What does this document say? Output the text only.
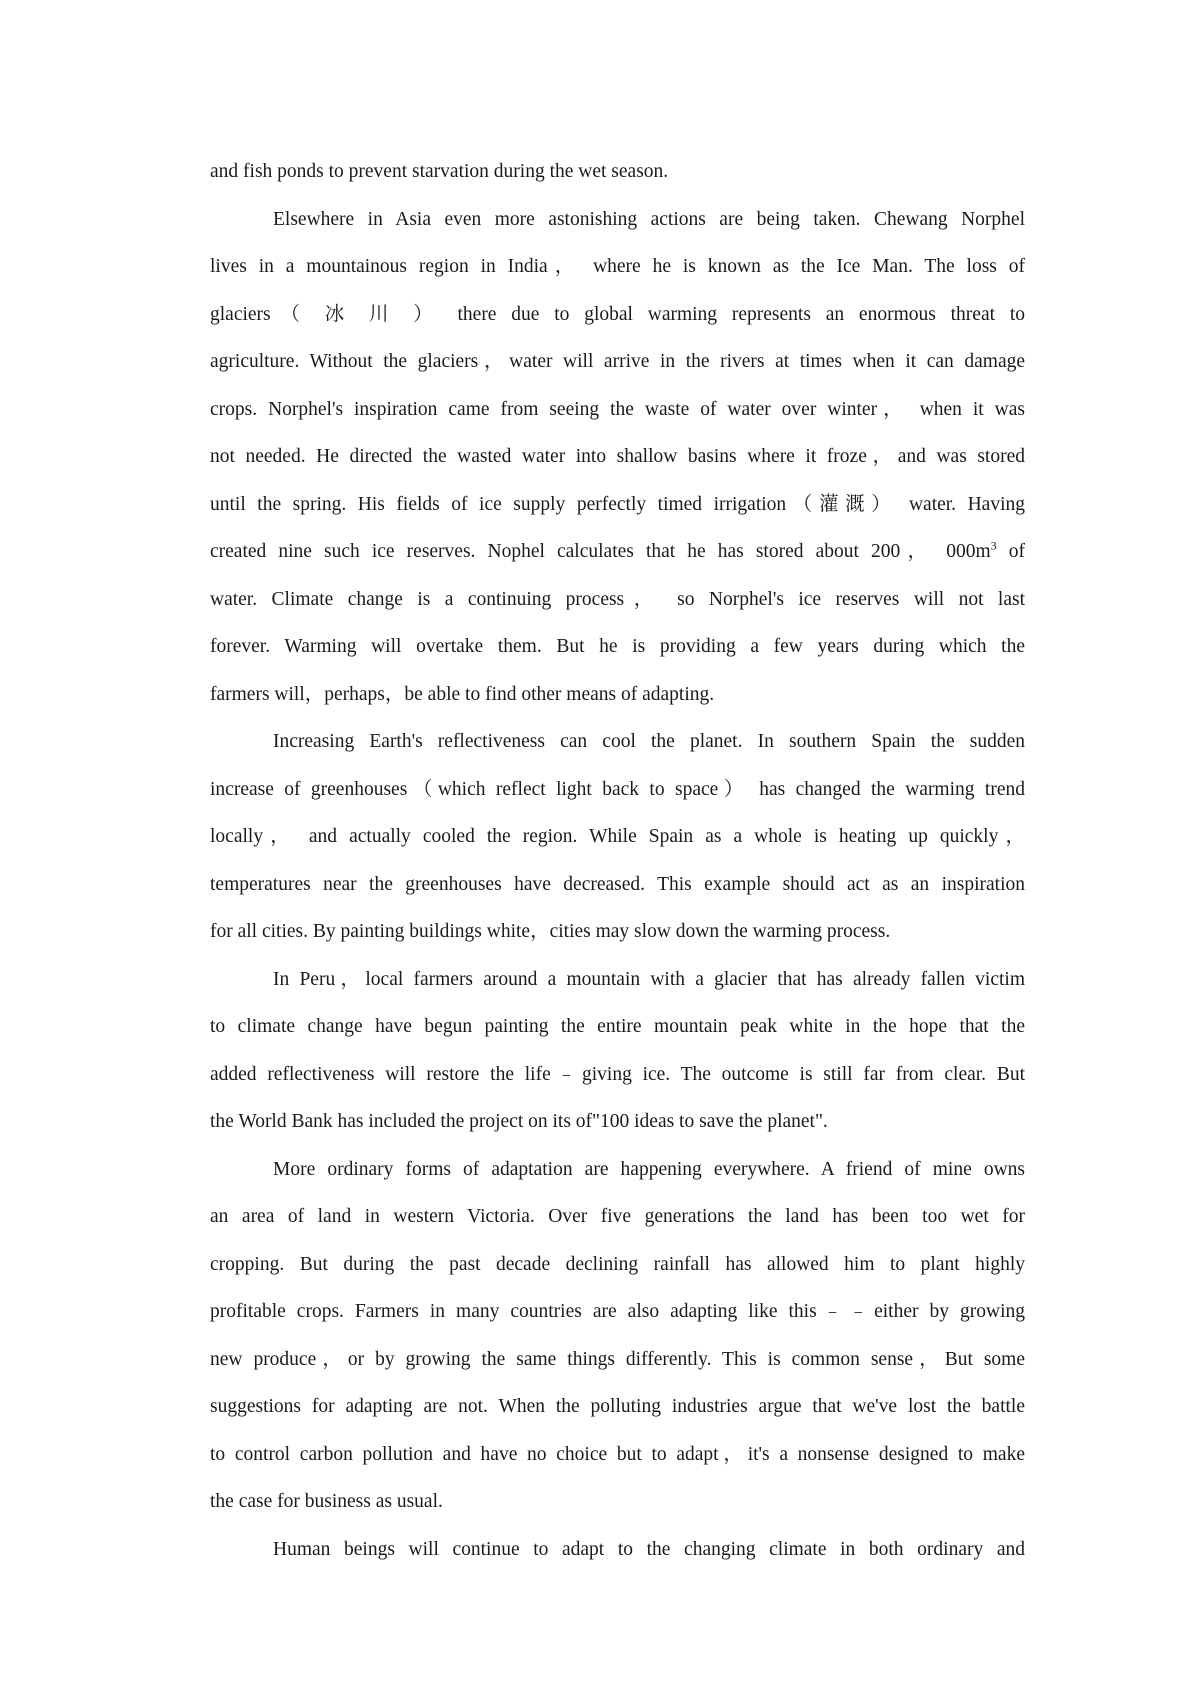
and fish ponds to prevent starvation during the wet season.
Elsewhere in Asia even more astonishing actions are being taken. Chewang Norphel
lives in a mountainous region in India， where he is known as the Ice Man. The loss of
glaciers（ 冰 川 ） there due to global warming represents an enormous threat to
agriculture. Without the glaciers，water will arrive in the rivers at times when it can damage
crops. Norphel's inspiration came from seeing the waste of water over winter， when it was
not needed. He directed the wasted water into shallow basins where it froze，and was stored
until the spring. His fields of ice supply perfectly timed irrigation（灌溉） water. Having
created nine such ice reserves. Nophel calculates that he has stored about 200， $000m^3$ of
water. Climate change is a continuing process， so Norphel's ice reserves will not last
forever. Warming will overtake them. But he is providing a few years during which the
farmers will，perhaps，be able to find other means of adapting.
Increasing Earth's reflectiveness can cool the planet. In southern Spain the sudden
increase of greenhouses（which reflect light back to space） has changed the warming trend
locally， and actually cooled the region. While Spain as a whole is heating up quickly，
temperatures near the greenhouses have decreased. This example should act as an inspiration
for all cities. By painting buildings white，cities may slow down the warming process.
In Peru，local farmers around a mountain with a glacier that has already fallen victim
to climate change have begun painting the entire mountain peak white in the hope that the
added reflectiveness will restore the life﹣giving ice. The outcome is still far from clear. But
the World Bank has included the project on its of"100 ideas to save the planet".
More ordinary forms of adaptation are happening everywhere. A friend of mine owns
an area of land in western Victoria. Over five generations the land has been too wet for
cropping. But during the past decade declining rainfall has allowed him to plant highly
profitable crops. Farmers in many countries are also adapting like this﹣﹣either by growing
new produce，or by growing the same things differently. This is common sense，But some
suggestions for adapting are not. When the polluting industries argue that we've lost the battle
to control carbon pollution and have no choice but to adapt，it's a nonsense designed to make
the case for business as usual.
Human beings will continue to adapt to the changing climate in both ordinary and
